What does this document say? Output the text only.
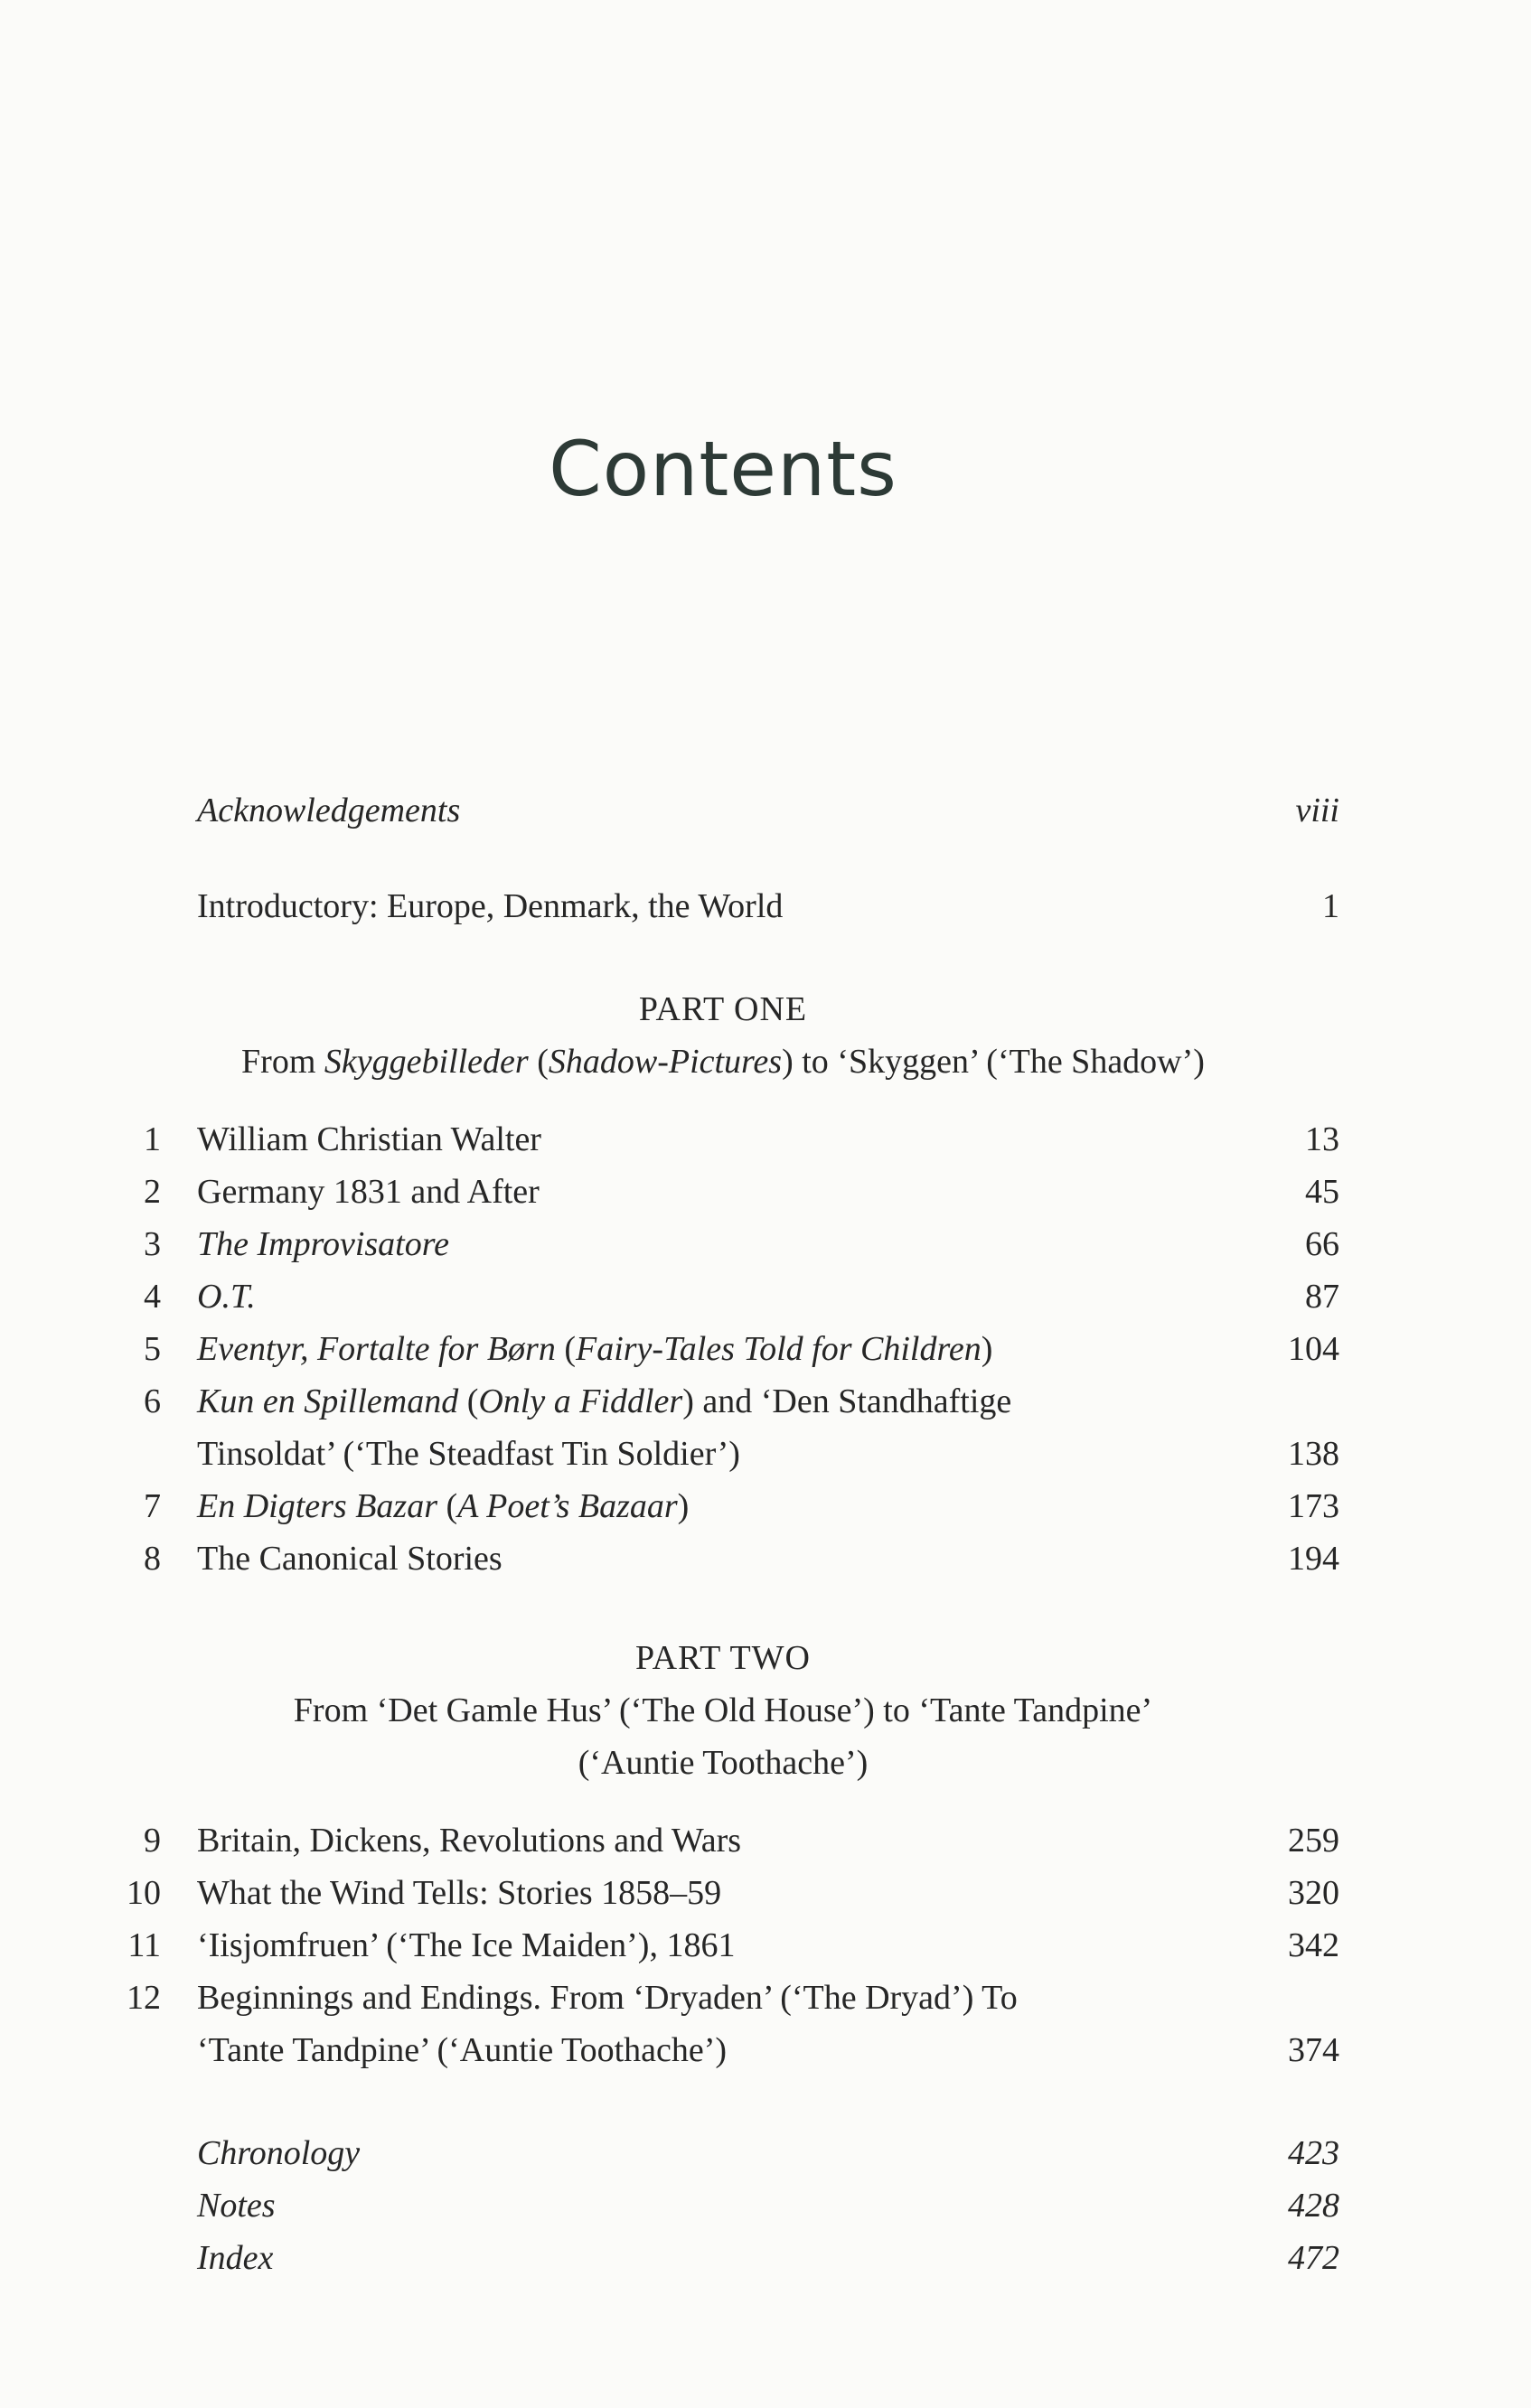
Contents
Acknowledgements	viii
Introductory: Europe, Denmark, the World	1
PART ONE
From Skyggebilleder (Shadow-Pictures) to ‘Skyggen’ (‘The Shadow’)
1 William Christian Walter	13
2 Germany 1831 and After	45
3 The Improvisatore	66
4 O.T.	87
5 Eventyr, Fortalte for Børn (Fairy-Tales Told for Children)	104
6 Kun en Spillemand (Only a Fiddler) and ‘Den Standhaftige
Tinsoldat’ (‘The Steadfast Tin Soldier’)	138
7 En Digters Bazar (A Poet’s Bazaar)	173
8 The Canonical Stories	194
PART TWO
From ‘Det Gamle Hus’ (‘The Old House’) to ‘Tante Tandpine’
(‘Auntie Toothache’)
9 Britain, Dickens, Revolutions and Wars	259
10 What the Wind Tells: Stories 1858–59	320
11 ‘Iisjomfruen’ (‘The Ice Maiden’), 1861	342
12 Beginnings and Endings. From ‘Dryaden’ (‘The Dryad’) To
‘Tante Tandpine’ (‘Auntie Toothache’)	374
Chronology	423
Notes	428
Index	472
